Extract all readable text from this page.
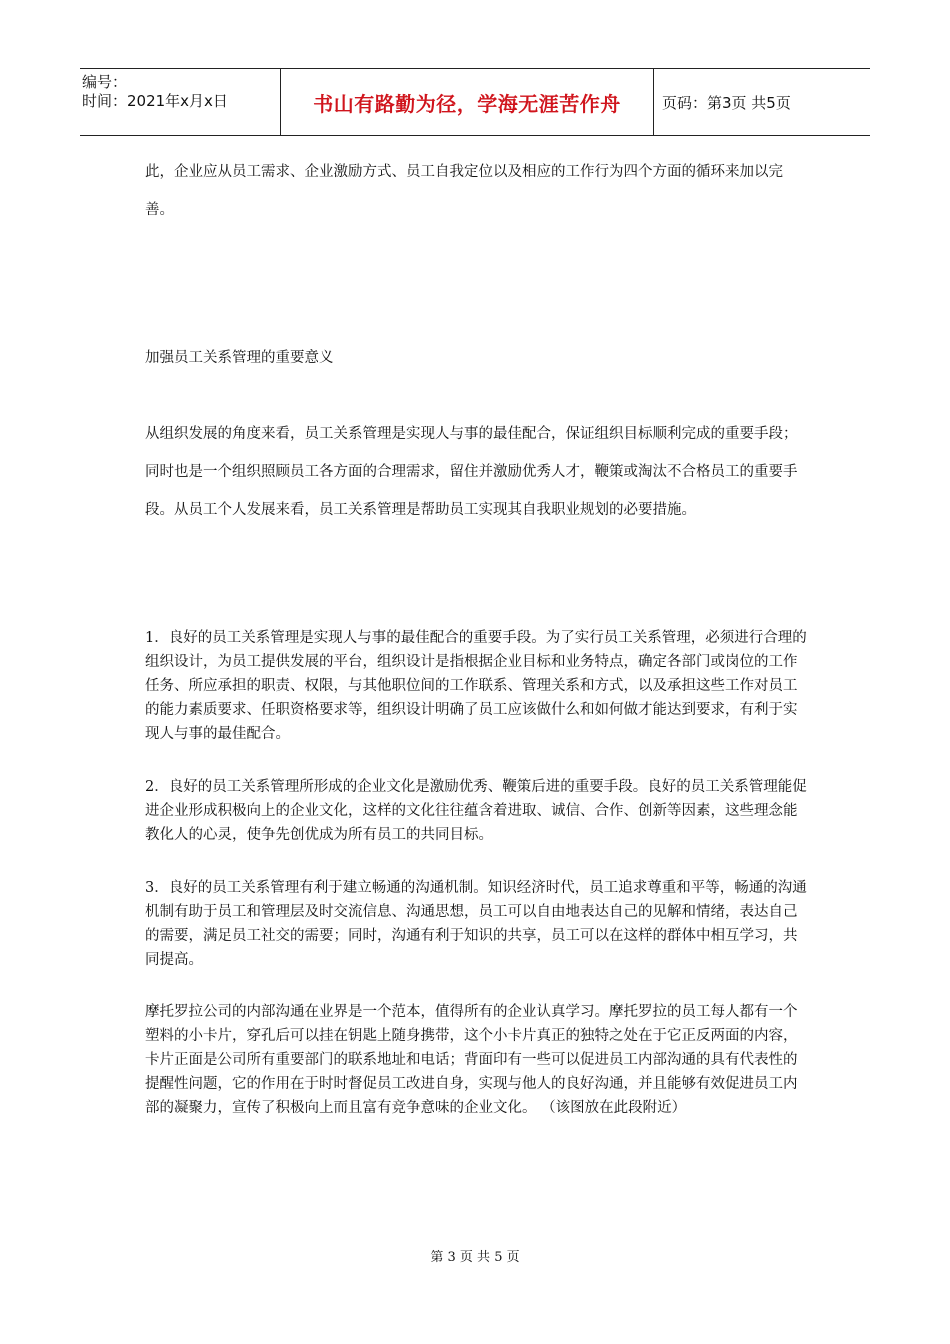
编号：
时间：2021年x月x日	书山有路勤为径，学海无涯苦作舟	页码：第3页 共5页

此，企业应从员工需求、企业激励方式、员工自我定位以及相应的工作行为四个方面的循环来加以完善。

加强员工关系管理的重要意义

从组织发展的角度来看，员工关系管理是实现人与事的最佳配合，保证组织目标顺利完成的重要手段；同时也是一个组织照顾员工各方面的合理需求，留住并激励优秀人才，鞭策或淘汰不合格员工的重要手段。从员工个人发展来看，员工关系管理是帮助员工实现其自我职业规划的必要措施。

1．良好的员工关系管理是实现人与事的最佳配合的重要手段。为了实行员工关系管理，必须进行合理的组织设计，为员工提供发展的平台，组织设计是指根据企业目标和业务特点，确定各部门或岗位的工作任务、所应承担的职责、权限，与其他职位间的工作联系、管理关系和方式，以及承担这些工作对员工的能力素质要求、任职资格要求等，组织设计明确了员工应该做什么和如何做才能达到要求，有利于实现人与事的最佳配合。

2．良好的员工关系管理所形成的企业文化是激励优秀、鞭策后进的重要手段。良好的员工关系管理能促进企业形成积极向上的企业文化，这样的文化往往蕴含着进取、诚信、合作、创新等因素，这些理念能教化人的心灵，使争先创优成为所有员工的共同目标。

3．良好的员工关系管理有利于建立畅通的沟通机制。知识经济时代，员工追求尊重和平等，畅通的沟通机制有助于员工和管理层及时交流信息、沟通思想，员工可以自由地表达自己的见解和情绪，表达自己的需要，满足员工社交的需要；同时，沟通有利于知识的共享，员工可以在这样的群体中相互学习，共同提高。

摩托罗拉公司的内部沟通在业界是一个范本，值得所有的企业认真学习。摩托罗拉的员工每人都有一个塑料的小卡片，穿孔后可以挂在钥匙上随身携带，这个小卡片真正的独特之处在于它正反两面的内容，卡片正面是公司所有重要部门的联系地址和电话；背面印有一些可以促进员工内部沟通的具有代表性的提醒性问题，它的作用在于时时督促员工改进自身，实现与他人的良好沟通，并且能够有效促进员工内部的凝聚力，宣传了积极向上而且富有竞争意味的企业文化。 （该图放在此段附近）

第 3 页 共 5 页
